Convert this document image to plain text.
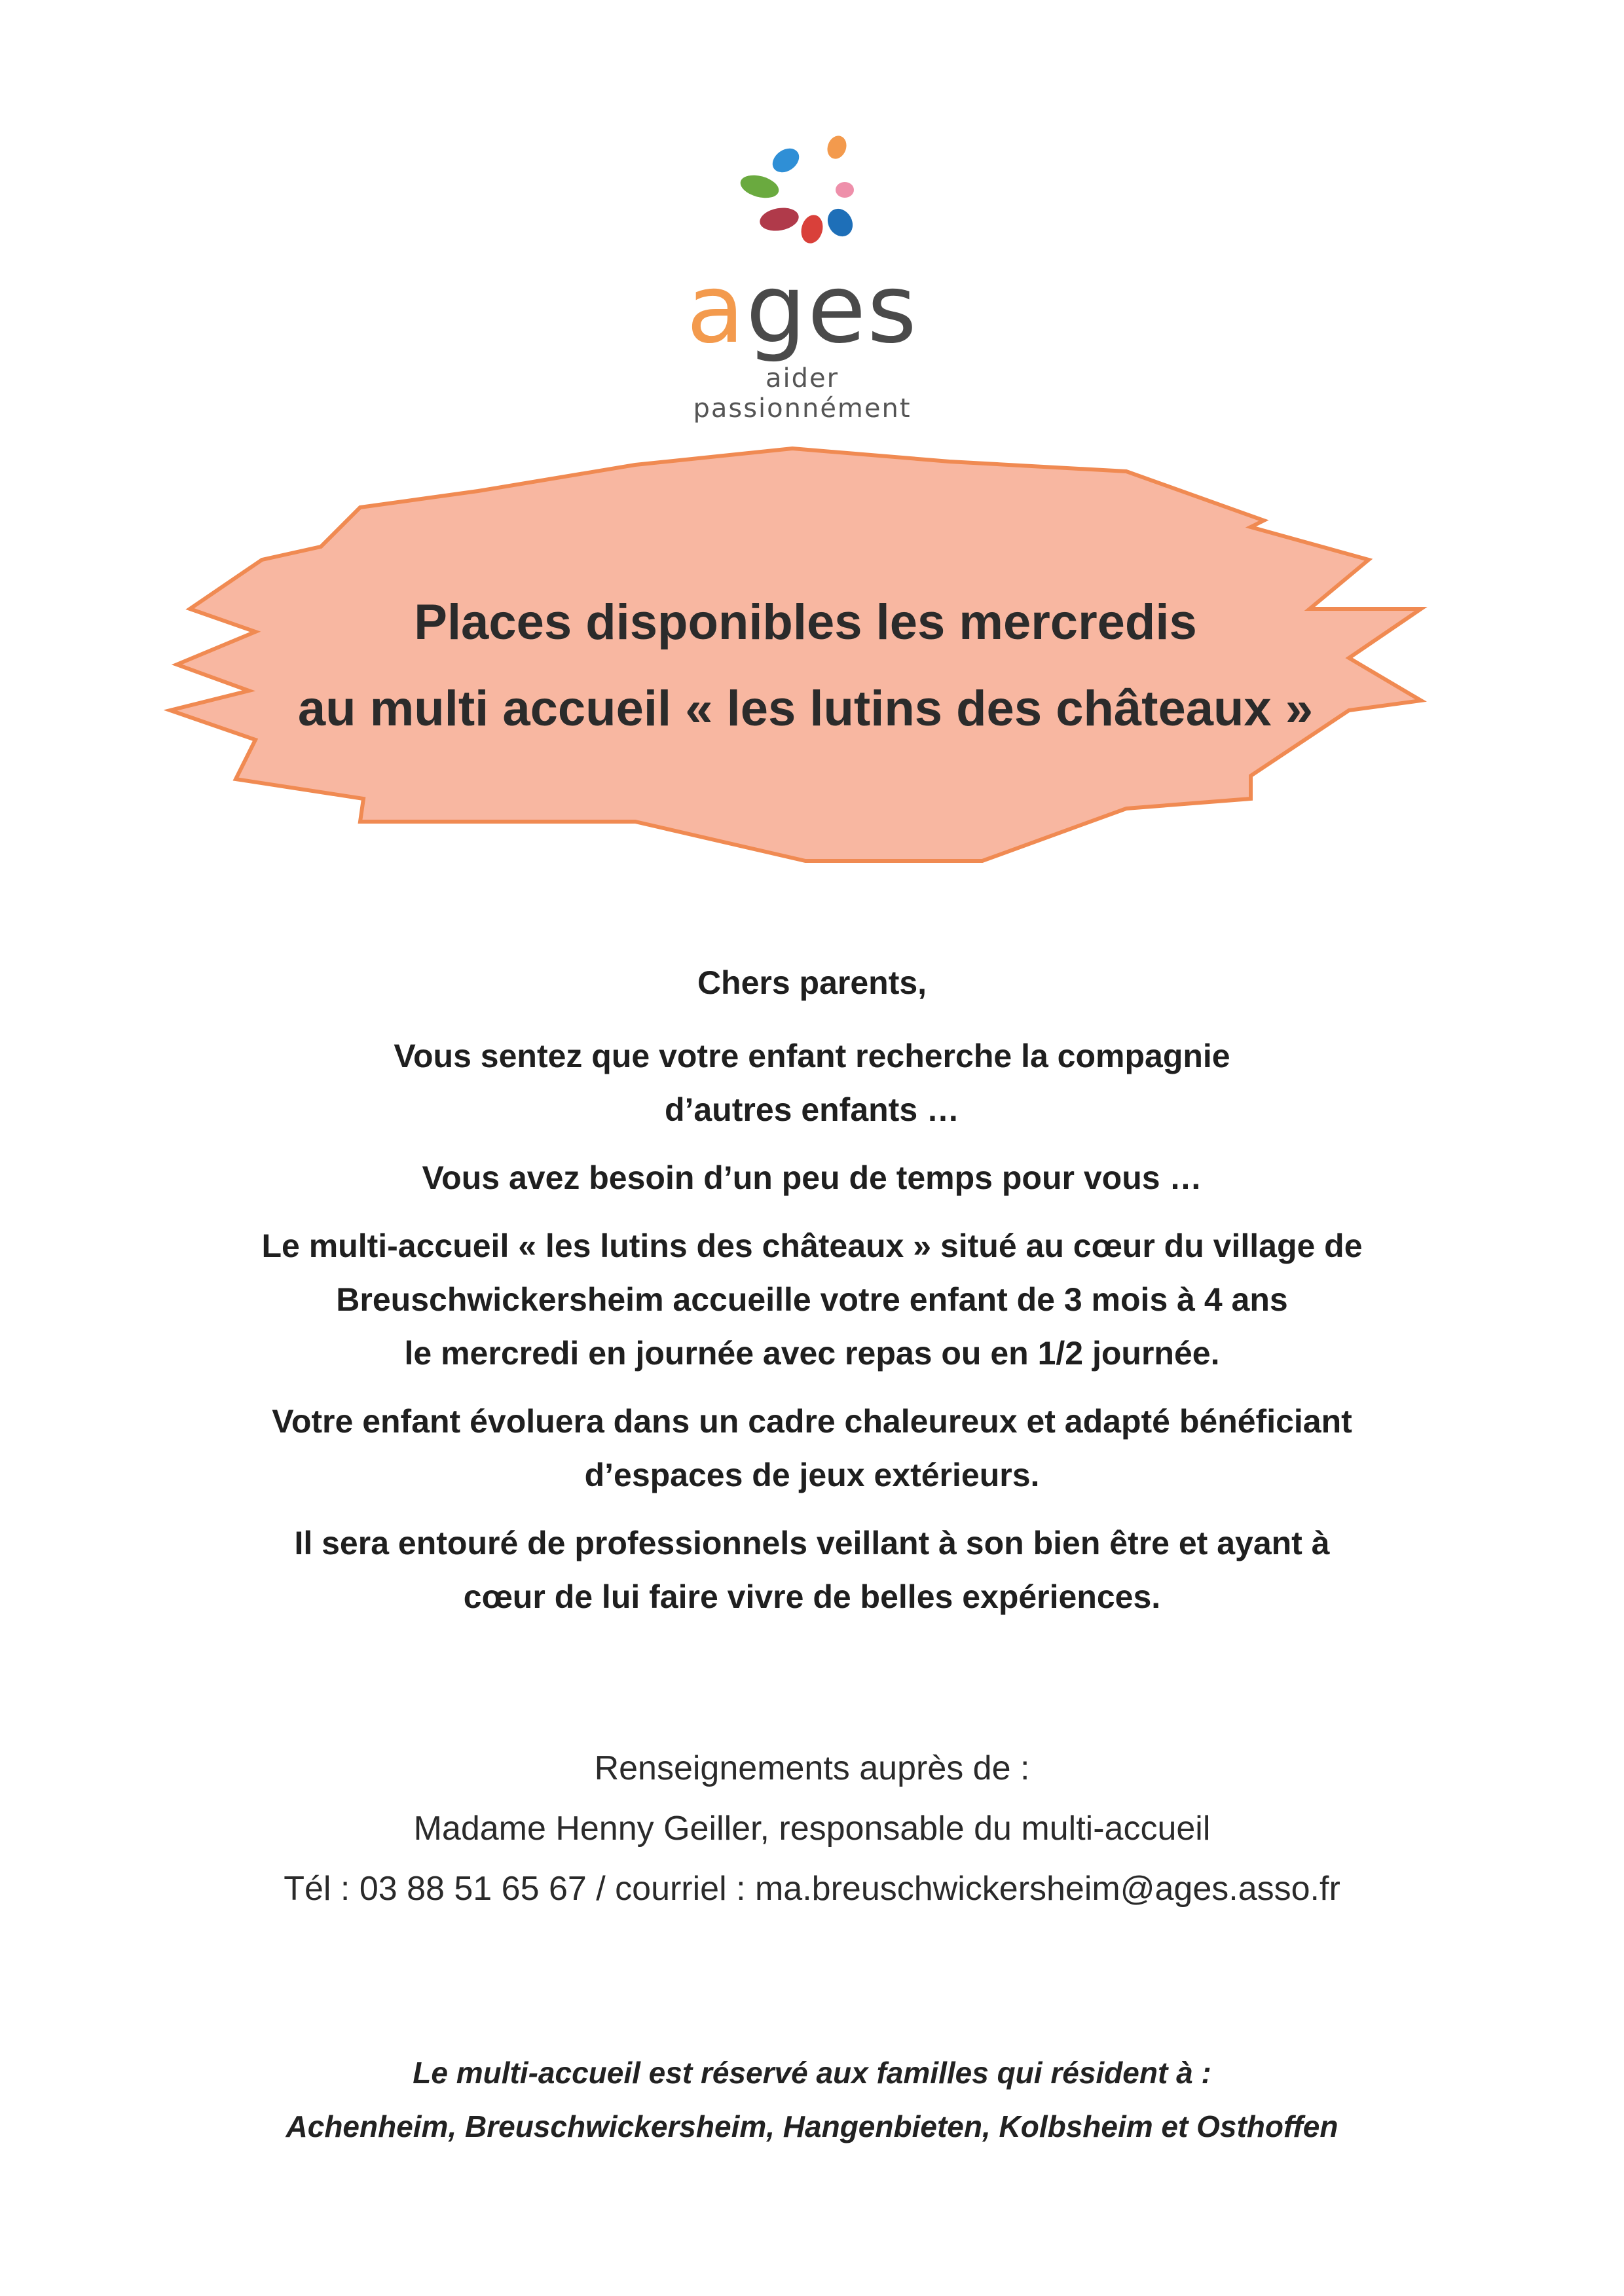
ages
aider passionnément
Places disponibles les mercredis
au multi accueil « les lutins des châteaux »

Chers parents,

Vous sentez que votre enfant recherche la compagnie
d’autres enfants …

Vous avez besoin d’un peu de temps pour vous …

Le multi-accueil « les lutins des châteaux » situé au cœur du village de
Breuschwickersheim accueille votre enfant de 3 mois à 4 ans
le mercredi en journée avec repas ou en 1/2 journée.

Votre enfant évoluera dans un cadre chaleureux et adapté bénéficiant
d’espaces de jeux extérieurs.

Il sera entouré de professionnels veillant à son bien être et ayant à
cœur de lui faire vivre de belles expériences.

Renseignements auprès de :
Madame Henny Geiller, responsable du multi-accueil
Tél : 03 88 51 65 67 / courriel : ma.breuschwickersheim@ages.asso.fr
Le multi-accueil est réservé aux familles qui résident à :
Achenheim, Breuschwickersheim, Hangenbieten, Kolbsheim et Osthoffen
